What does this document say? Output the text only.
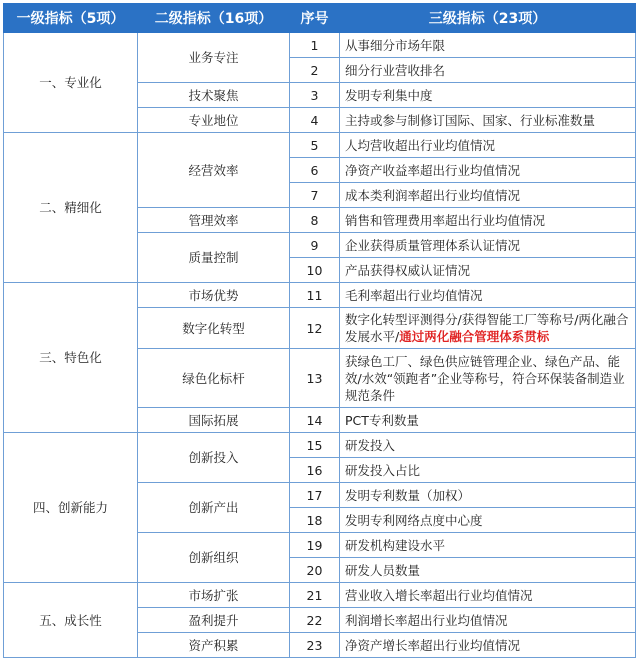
一级指标（5项）	二级指标（16项）	序号	三级指标（23项）
一、专业化	业务专注	1	从事细分市场年限
		2	细分行业营收排名
	技术聚焦	3	发明专利集中度
	专业地位	4	主持或参与制修订国际、国家、行业标准数量
二、精细化	经营效率	5	人均营收超出行业均值情况
		6	净资产收益率超出行业均值情况
		7	成本类利润率超出行业均值情况
	管理效率	8	销售和管理费用率超出行业均值情况
	质量控制	9	企业获得质量管理体系认证情况
		10	产品获得权威认证情况
三、特色化	市场优势	11	毛利率超出行业均值情况
	数字化转型	12	数字化转型评测得分/获得智能工厂等称号/两化融合发展水平/通过两化融合管理体系贯标
	绿色化标杆	13	获绿色工厂、绿色供应链管理企业、绿色产品、能效/水效“领跑者”企业等称号，符合环保装备制造业规范条件
	国际拓展	14	PCT专利数量
四、创新能力	创新投入	15	研发投入
		16	研发投入占比
	创新产出	17	发明专利数量（加权）
		18	发明专利网络点度中心度
	创新组织	19	研发机构建设水平
		20	研发人员数量
五、成长性	市场扩张	21	营业收入增长率超出行业均值情况
	盈利提升	22	利润增长率超出行业均值情况
	资产积累	23	净资产增长率超出行业均值情况
